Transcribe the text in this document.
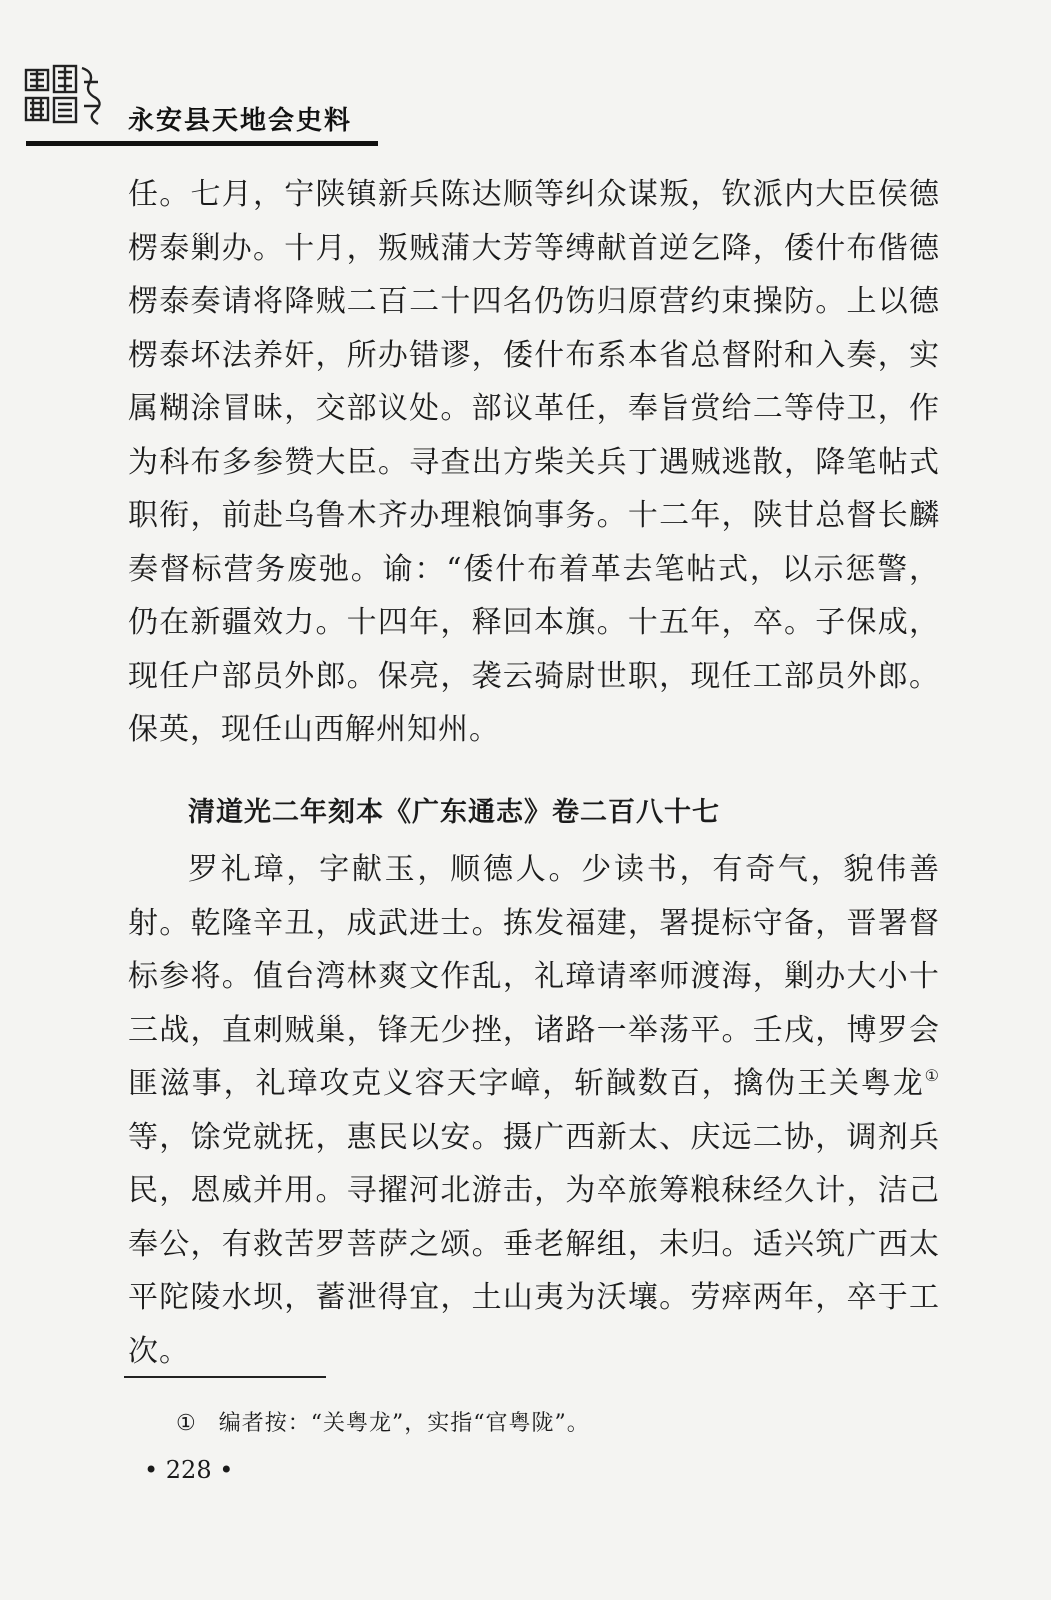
永安县天地会史料
任。七月，宁陕镇新兵陈达顺等纠众谋叛，钦派内大臣侯德楞泰剿办。十月，叛贼蒲大芳等缚献首逆乞降，倭什布偕德楞泰奏请将降贼二百二十四名仍饬归原营约束操防。上以德楞泰坏法养奸，所办错谬，倭什布系本省总督附和入奏，实属糊涂冒昧，交部议处。部议革任，奉旨赏给二等侍卫，作为科布多参赞大臣。寻查出方柴关兵丁遇贼逃散，降笔帖式职衔，前赴乌鲁木齐办理粮饷事务。十二年，陕甘总督长麟奏督标营务废弛。谕：“倭什布着革去笔帖式，以示惩警，仍在新疆效力。十四年，释回本旗。十五年，卒。子保成，现任户部员外郎。保亮，袭云骑尉世职，现任工部员外郎。保英，现任山西解州知州。
清道光二年刻本《广东通志》卷二百八十七
罗礼璋，字献玉，顺德人。少读书，有奇气，貌伟善射。乾隆辛丑，成武进士。拣发福建，署提标守备，晋署督标参将。值台湾林爽文作乱，礼璋请率师渡海，剿办大小十三战，直刺贼巢，锋无少挫，诸路一举荡平。壬戌，博罗会匪滋事，礼璋攻克义容天字嶂，斩馘数百，擒伪王关粤龙①等，馀党就抚，惠民以安。摄广西新太、庆远二协，调剂兵民，恩威并用。寻擢河北游击，为卒旅筹粮秣经久计，洁己奉公，有救苦罗菩萨之颂。垂老解组，未归。适兴筑广西太平陀陵水坝，蓄泄得宜，土山夷为沃壤。劳瘁两年，卒于工次。
① 编者按：“关粤龙”，实指“官粤陇”。
• 228 •
